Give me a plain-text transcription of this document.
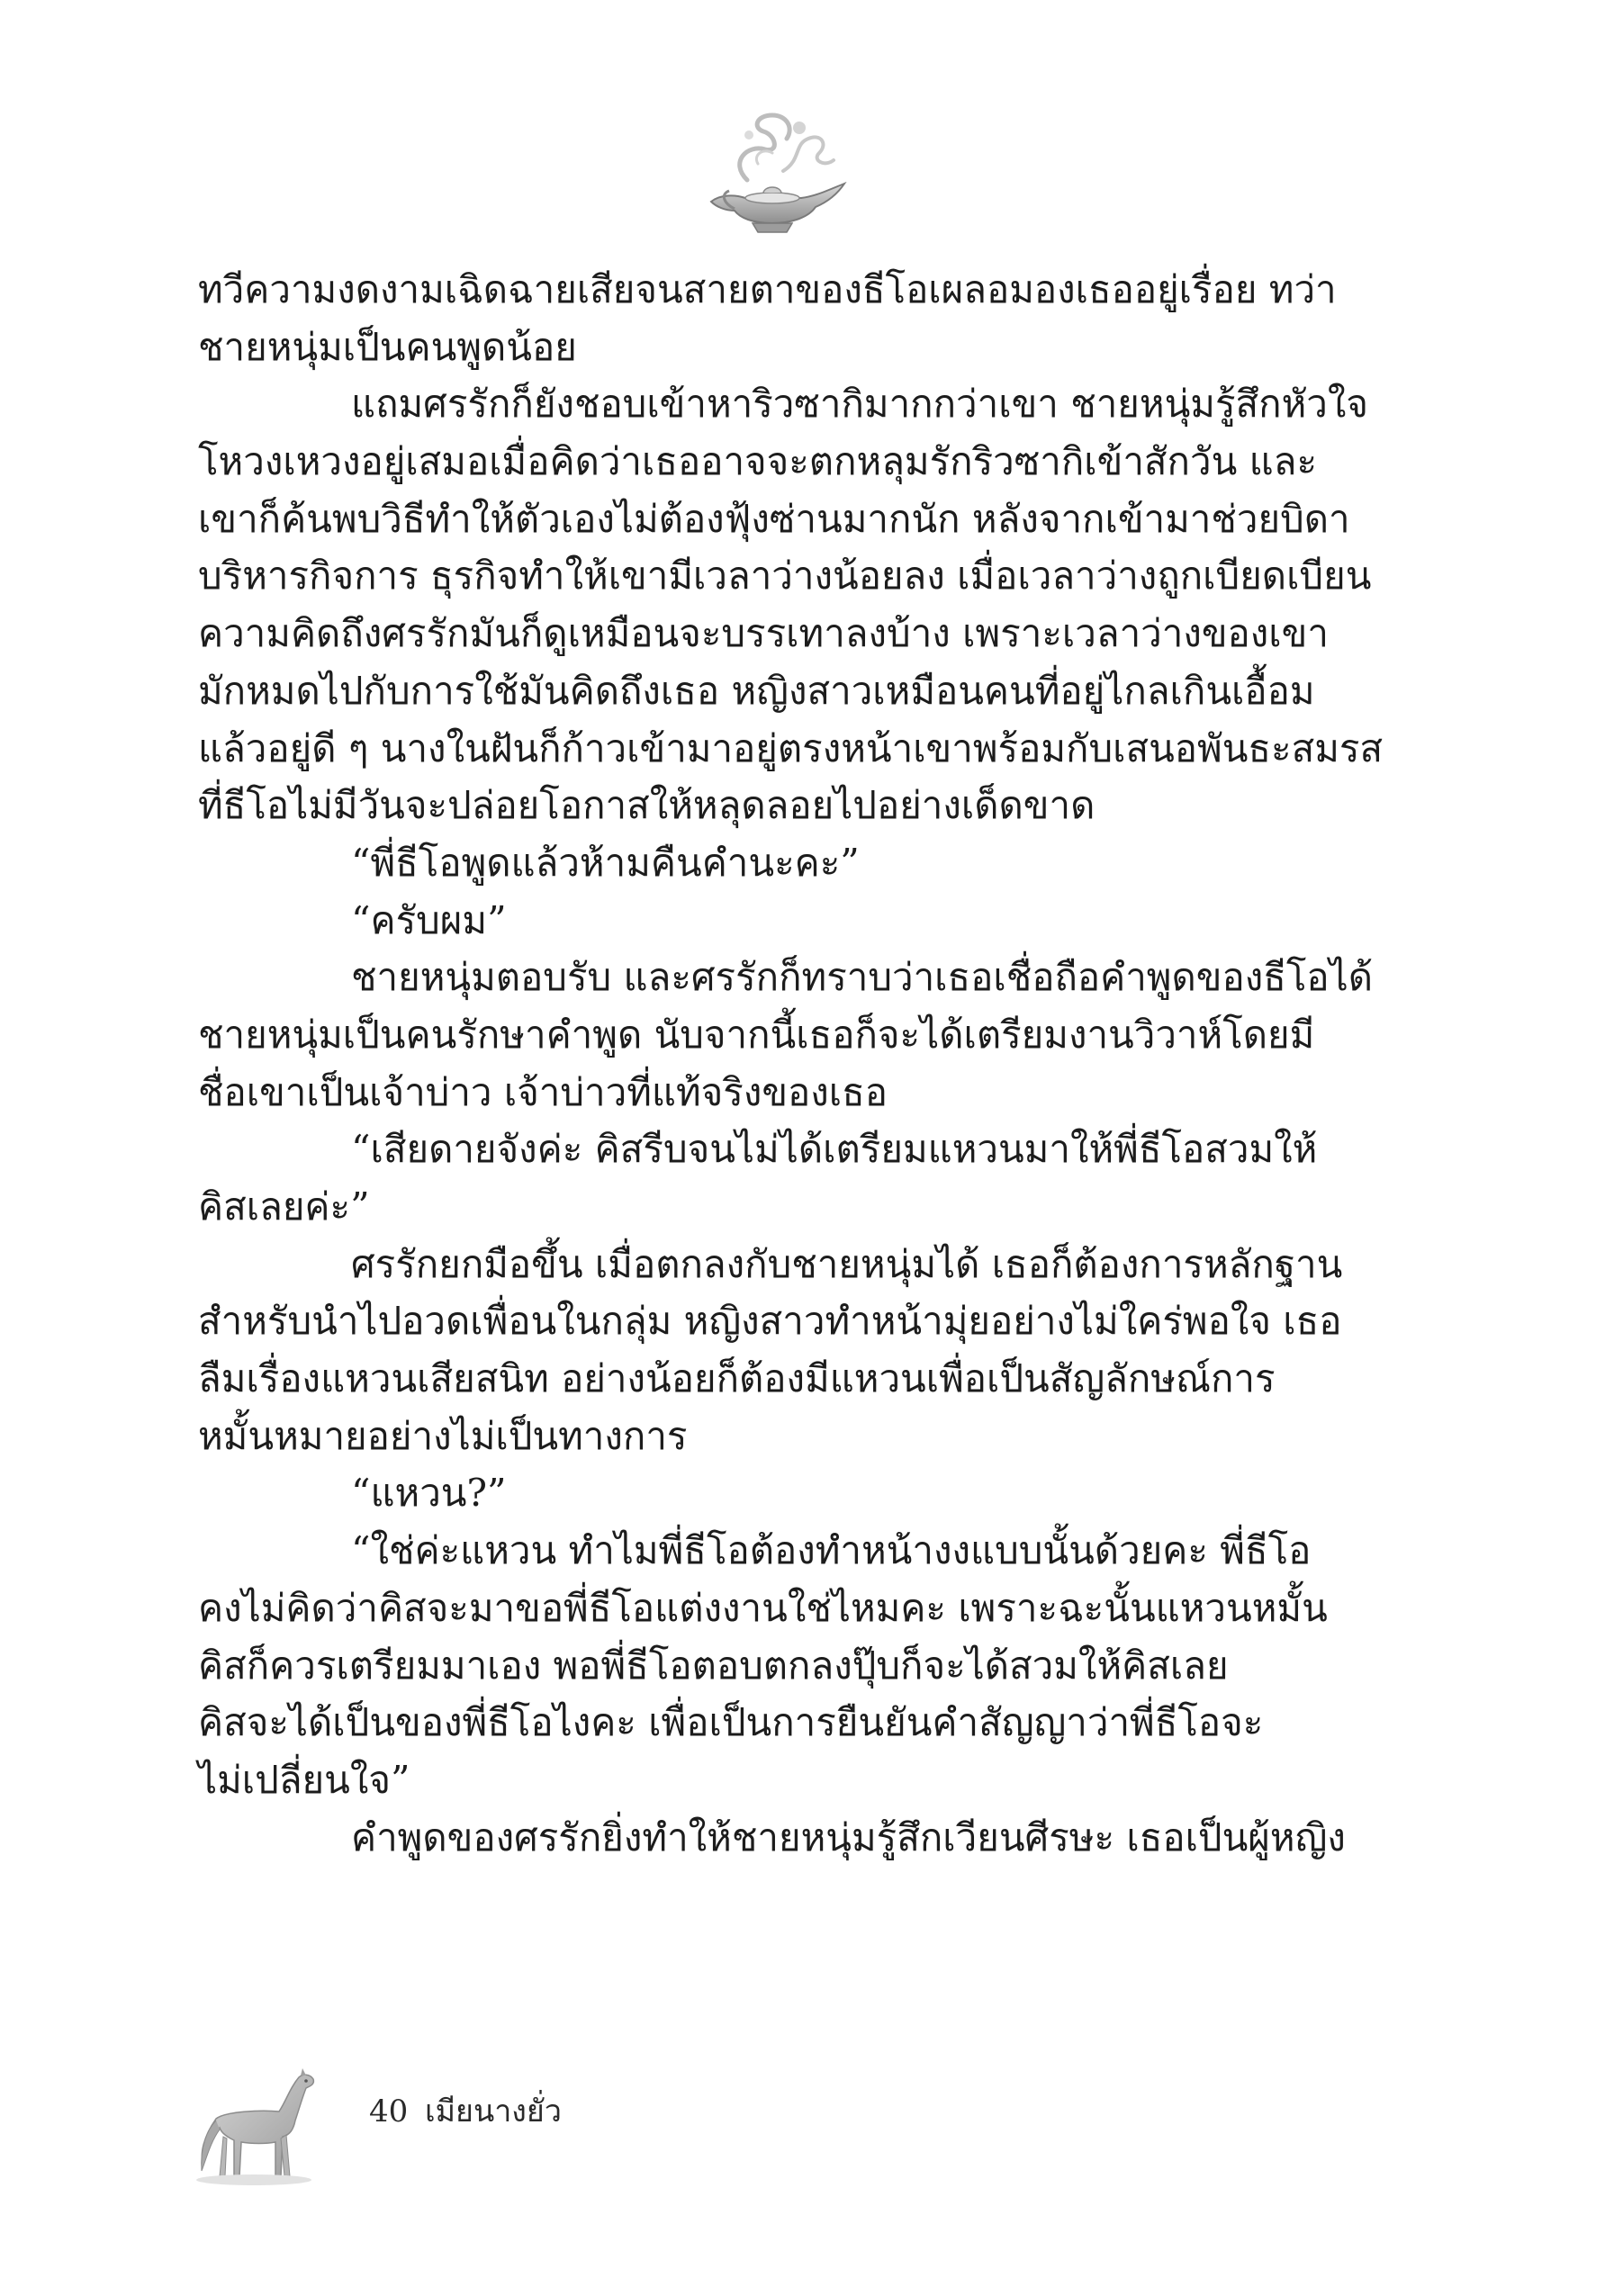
ทวีความงดงามเฉิดฉายเสียจนสายตาของธีโอเผลอมองเธออยู่เรื่อย ทว่า
ชายหนุ่มเป็นคนพูดน้อย
แถมศรรักก็ยังชอบเข้าหาริวซากิมากกว่าเขา ชายหนุ่มรู้สึกหัวใจ
โหวงเหวงอยู่เสมอเมื่อคิดว่าเธออาจจะตกหลุมรักริวซากิเข้าสักวัน และ
เขาก็ค้นพบวิธีทำให้ตัวเองไม่ต้องฟุ้งซ่านมากนัก หลังจากเข้ามาช่วยบิดา
บริหารกิจการ ธุรกิจทำให้เขามีเวลาว่างน้อยลง เมื่อเวลาว่างถูกเบียดเบียน
ความคิดถึงศรรักมันก็ดูเหมือนจะบรรเทาลงบ้าง เพราะเวลาว่างของเขา
มักหมดไปกับการใช้มันคิดถึงเธอ หญิงสาวเหมือนคนที่อยู่ไกลเกินเอื้อม
แล้วอยู่ดี ๆ นางในฝันก็ก้าวเข้ามาอยู่ตรงหน้าเขาพร้อมกับเสนอพันธะสมรส
ที่ธีโอไม่มีวันจะปล่อยโอกาสให้หลุดลอยไปอย่างเด็ดขาด
“พี่ธีโอพูดแล้วห้ามคืนคำนะคะ”
“ครับผม”
ชายหนุ่มตอบรับ และศรรักก็ทราบว่าเธอเชื่อถือคำพูดของธีโอได้
ชายหนุ่มเป็นคนรักษาคำพูด นับจากนี้เธอก็จะได้เตรียมงานวิวาห์โดยมี
ชื่อเขาเป็นเจ้าบ่าว เจ้าบ่าวที่แท้จริงของเธอ
“เสียดายจังค่ะ คิสรีบจนไม่ได้เตรียมแหวนมาให้พี่ธีโอสวมให้
คิสเลยค่ะ”
ศรรักยกมือขึ้น เมื่อตกลงกับชายหนุ่มได้ เธอก็ต้องการหลักฐาน
สำหรับนำไปอวดเพื่อนในกลุ่ม หญิงสาวทำหน้ามุ่ยอย่างไม่ใคร่พอใจ เธอ
ลืมเรื่องแหวนเสียสนิท อย่างน้อยก็ต้องมีแหวนเพื่อเป็นสัญลักษณ์การ
หมั้นหมายอย่างไม่เป็นทางการ
“แหวน?”
“ใช่ค่ะแหวน ทำไมพี่ธีโอต้องทำหน้างงแบบนั้นด้วยคะ พี่ธีโอ
คงไม่คิดว่าคิสจะมาขอพี่ธีโอแต่งงานใช่ไหมคะ เพราะฉะนั้นแหวนหมั้น
คิสก็ควรเตรียมมาเอง พอพี่ธีโอตอบตกลงปุ๊บก็จะได้สวมให้คิสเลย
คิสจะได้เป็นของพี่ธีโอไงคะ เพื่อเป็นการยืนยันคำสัญญาว่าพี่ธีโอจะ
ไม่เปลี่ยนใจ”
คำพูดของศรรักยิ่งทำให้ชายหนุ่มรู้สึกเวียนศีรษะ เธอเป็นผู้หญิง
40 เมียนางยั่ว
